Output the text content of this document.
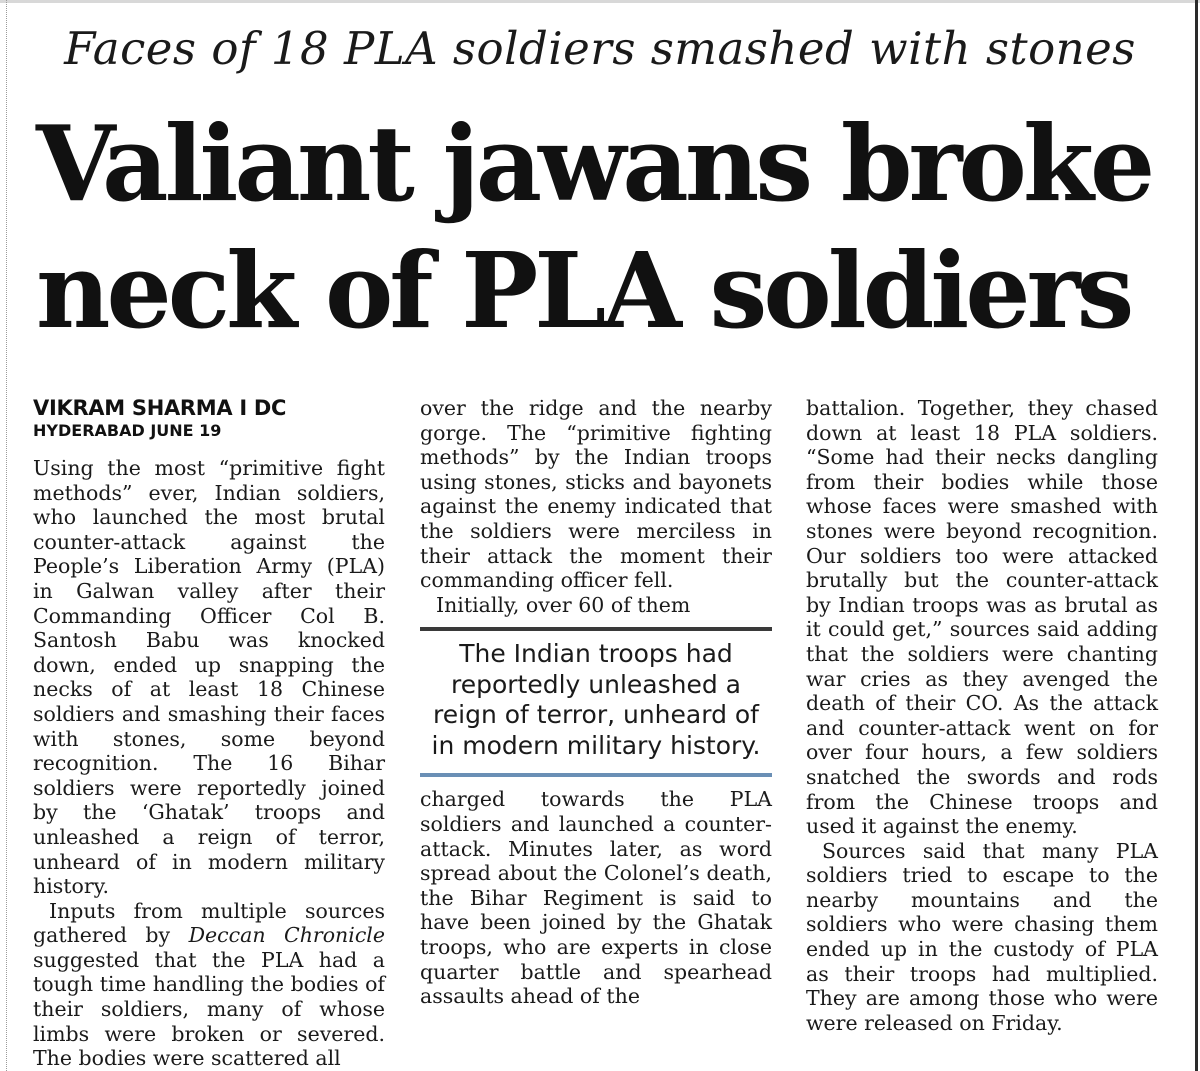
Faces of 18 PLA soldiers smashed with stones
Valiant jawans broke
neck of PLA soldiers
VIKRAM SHARMA I DC
HYDERABAD JUNE 19

Using the most “primitive fight methods” ever, Indian soldiers, who launched the most brutal counter-attack against the People’s Liberation Army (PLA) in Galwan valley after their Commanding Officer Col B. Santosh Babu was knocked down, ended up snapping the necks of at least 18 Chinese soldiers and smashing their faces with stones, some beyond recognition. The 16 Bihar soldiers were reportedly joined by the ‘Ghatak’ troops and unleashed a reign of terror, unheard of in modern military history.

Inputs from multiple sources gathered by Deccan Chronicle suggested that the PLA had a tough time handling the bodies of their soldiers, many of whose limbs were broken or severed. The bodies were scattered all

over the ridge and the nearby gorge. The “primitive fighting methods” by the Indian troops using stones, sticks and bayonets against the enemy indicated that the soldiers were merciless in their attack the moment their commanding officer fell.

Initially, over 60 of them

The Indian troops had reportedly unleashed a reign of terror, unheard of in modern military history.

charged towards the PLA soldiers and launched a counter-attack. Minutes later, as word spread about the Colonel’s death, the Bihar Regiment is said to have been joined by the Ghatak troops, who are experts in close quarter battle and spearhead assaults ahead of the

battalion. Together, they chased down at least 18 PLA soldiers. “Some had their necks dangling from their bodies while those whose faces were smashed with stones were beyond recognition. Our soldiers too were attacked brutally but the counter-attack by Indian troops was as brutal as it could get,” sources said adding that the soldiers were chanting war cries as they avenged the death of their CO. As the attack and counter-attack went on for over four hours, a few soldiers snatched the swords and rods from the Chinese troops and used it against the enemy.

Sources said that many PLA soldiers tried to escape to the nearby mountains and the soldiers who were chasing them ended up in the custody of PLA as their troops had multiplied. They are among those who were were released on Friday.
